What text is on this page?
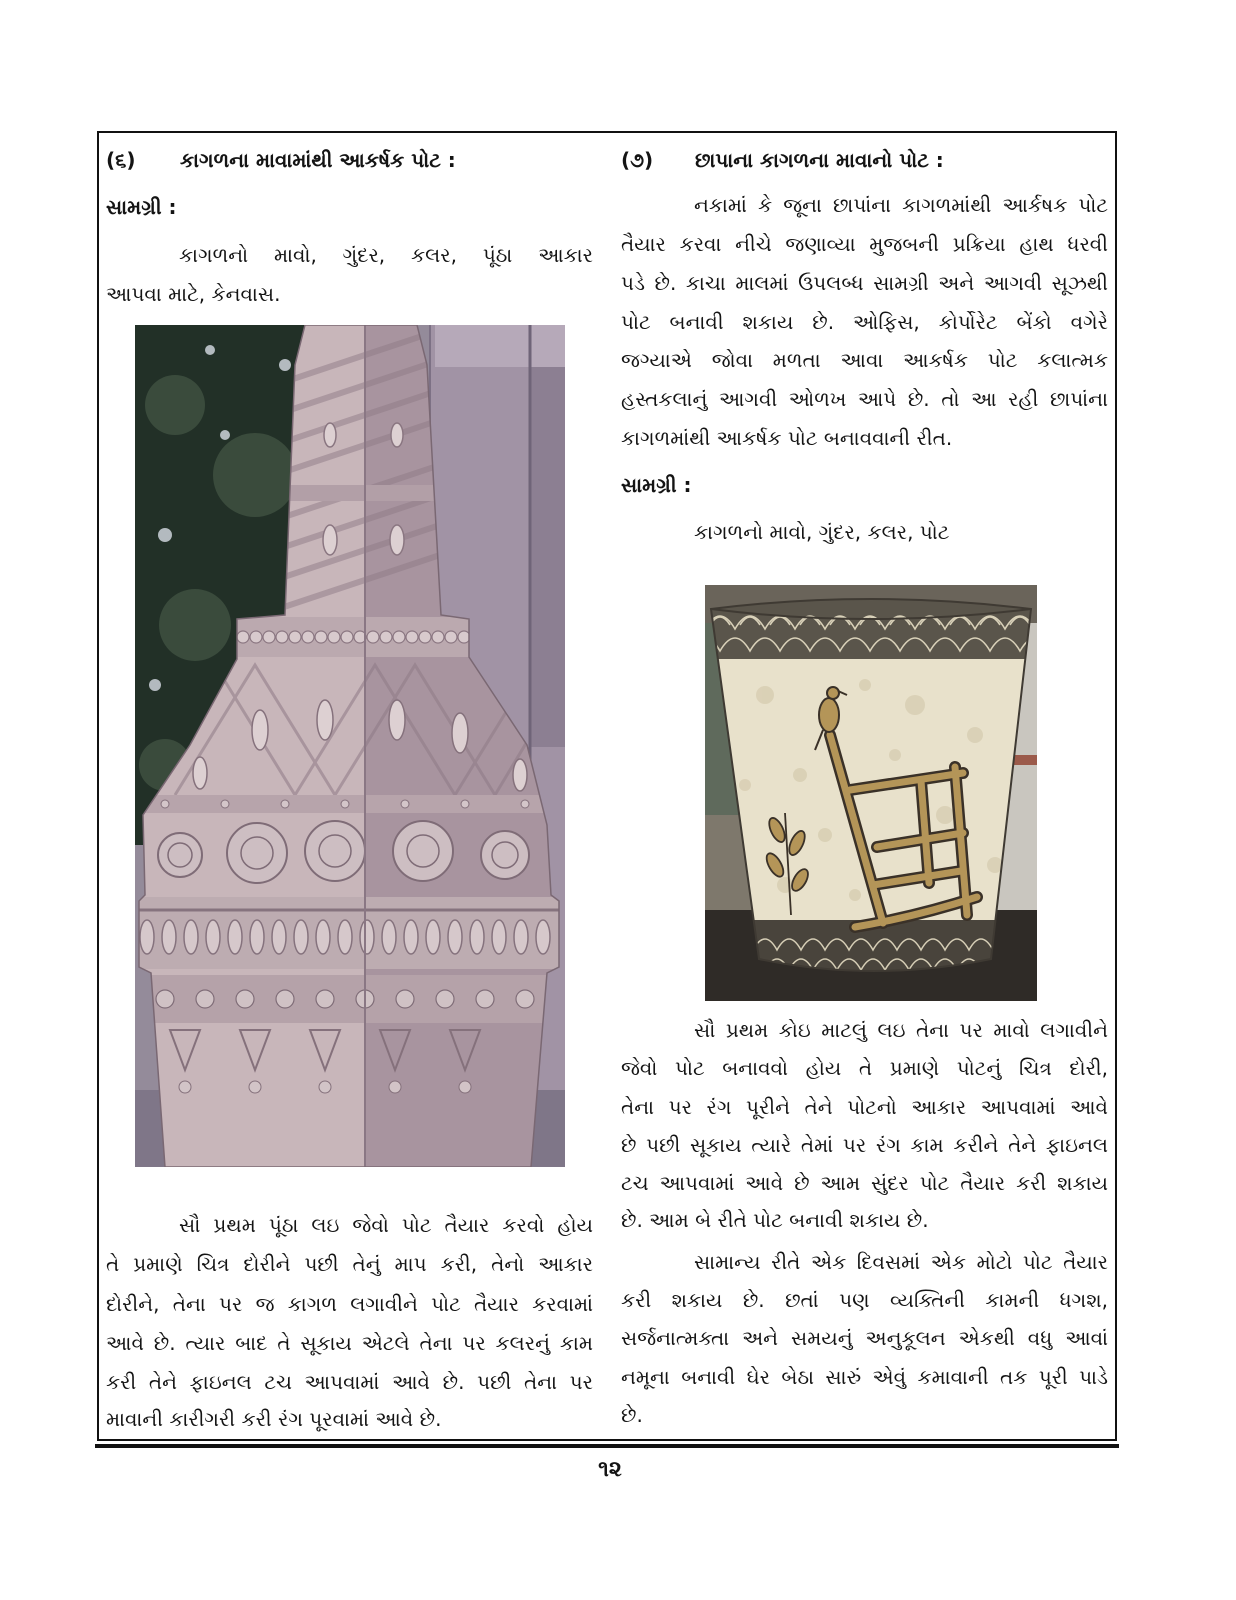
(૬)	કાગળના માવામાંથી આકર્ષક પોટ :
સામગ્રી :
કાગળનો માવો, ગુંદર, કલર, પૂંઠા આકાર
આપવા માટે, કેનવાસ.
સૌ પ્રથમ પૂંઠા લઇ જેવો પોટ તૈયાર કરવો હોય
તે પ્રમાણે ચિત્ર દોરીને પછી તેનું માપ કરી, તેનો આકાર
દોરીને, તેના પર જ કાગળ લગાવીને પોટ તૈયાર કરવામાં
આવે છે. ત્યાર બાદ તે સૂકાય એટલે તેના પર કલરનું કામ
કરી તેને ફાઇનલ ટચ આપવામાં આવે છે. પછી તેના પર
માવાની કારીગરી કરી રંગ પૂરવામાં આવે છે.
(૭)	છાપાના કાગળના માવાનો પોટ :
નકામાં કે જૂના છાપાંના કાગળમાંથી આર્કષક પોટ
તૈયાર કરવા નીચે જણાવ્યા મુજબની પ્રક્રિયા હાથ ધરવી
પડે છે. કાચા માલમાં ઉપલબ્ધ સામગ્રી અને આગવી સૂઝથી
પોટ બનાવી શકાય છે. ઓફિસ, કોર્પોરેટ બેંકો વગેરે
જગ્યાએ જોવા મળતા આવા આકર્ષક પોટ કલાત્મક
હસ્તકલાનું આગવી ઓળખ આપે છે. તો આ રહી છાપાંના
કાગળમાંથી આકર્ષક પોટ બનાવવાની રીત.
સામગ્રી :
કાગળનો માવો, ગુંદર, કલર, પોટ
સૌ પ્રથમ કોઇ માટલું લઇ તેના પર માવો લગાવીને
જેવો પોટ બનાવવો હોય તે પ્રમાણે પોટનું ચિત્ર દોરી,
તેના પર રંગ પૂરીને તેને પોટનો આકાર આપવામાં આવે
છે પછી સૂકાય ત્યારે તેમાં પર રંગ કામ કરીને તેને ફાઇનલ
ટચ આપવામાં આવે છે આમ સુંદર પોટ તૈયાર કરી શકાય
છે. આમ બે રીતે પોટ બનાવી શકાય છે.
સામાન્ય રીતે એક દિવસમાં એક મોટો પોટ તૈયાર
કરી શકાય છે. છતાં પણ વ્યક્તિની કામની ધગશ,
સર્જનાત્મક્તા અને સમયનું અનુકૂલન એકથી વધુ આવાં
નમૂના બનાવી ઘેર બેઠા સારું એવું કમાવાની તક પૂરી પાડે
છે.
૧૨
